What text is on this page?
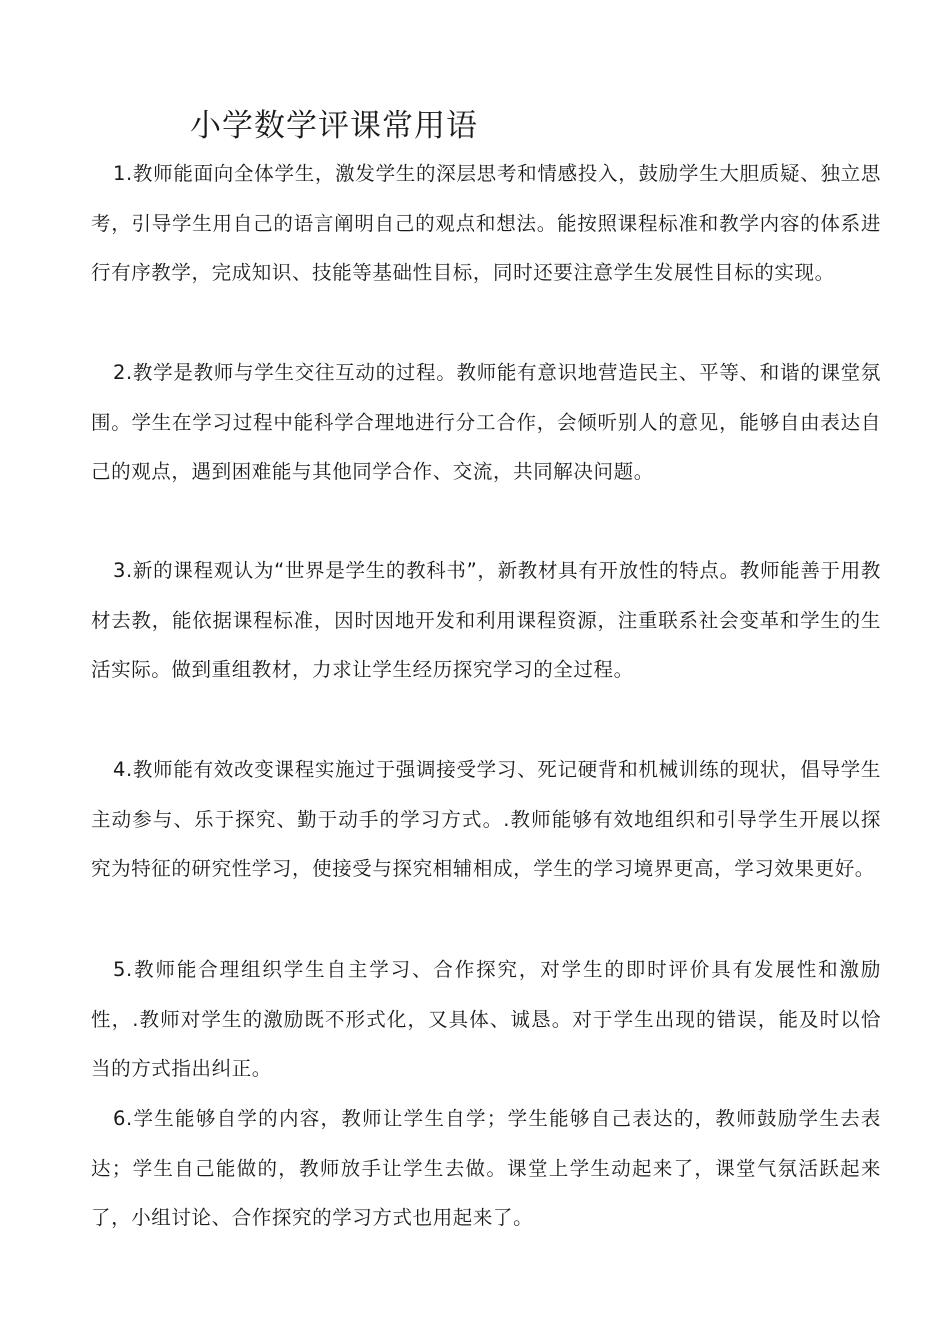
小学数学评课常用语

1.教师能面向全体学生，激发学生的深层思考和情感投入，鼓励学生大胆质疑、独立思考，引导学生用自己的语言阐明自己的观点和想法。能按照课程标准和教学内容的体系进行有序教学，完成知识、技能等基础性目标，同时还要注意学生发展性目标的实现。

2.教学是教师与学生交往互动的过程。教师能有意识地营造民主、平等、和谐的课堂氛围。学生在学习过程中能科学合理地进行分工合作，会倾听别人的意见，能够自由表达自己的观点，遇到困难能与其他同学合作、交流，共同解决问题。

3.新的课程观认为“世界是学生的教科书”，新教材具有开放性的特点。教师能善于用教材去教，能依据课程标准，因时因地开发和利用课程资源，注重联系社会变革和学生的生活实际。做到重组教材，力求让学生经历探究学习的全过程。

4.教师能有效改变课程实施过于强调接受学习、死记硬背和机械训练的现状，倡导学生主动参与、乐于探究、勤于动手的学习方式。.教师能够有效地组织和引导学生开展以探究为特征的研究性学习，使接受与探究相辅相成，学生的学习境界更高，学习效果更好。

5.教师能合理组织学生自主学习、合作探究，对学生的即时评价具有发展性和激励性，.教师对学生的激励既不形式化，又具体、诚恳。对于学生出现的错误，能及时以恰当的方式指出纠正。

6.学生能够自学的内容，教师让学生自学；学生能够自己表达的，教师鼓励学生去表达；学生自己能做的，教师放手让学生去做。课堂上学生动起来了，课堂气氛活跃起来了，小组讨论、合作探究的学习方式也用起来了。
